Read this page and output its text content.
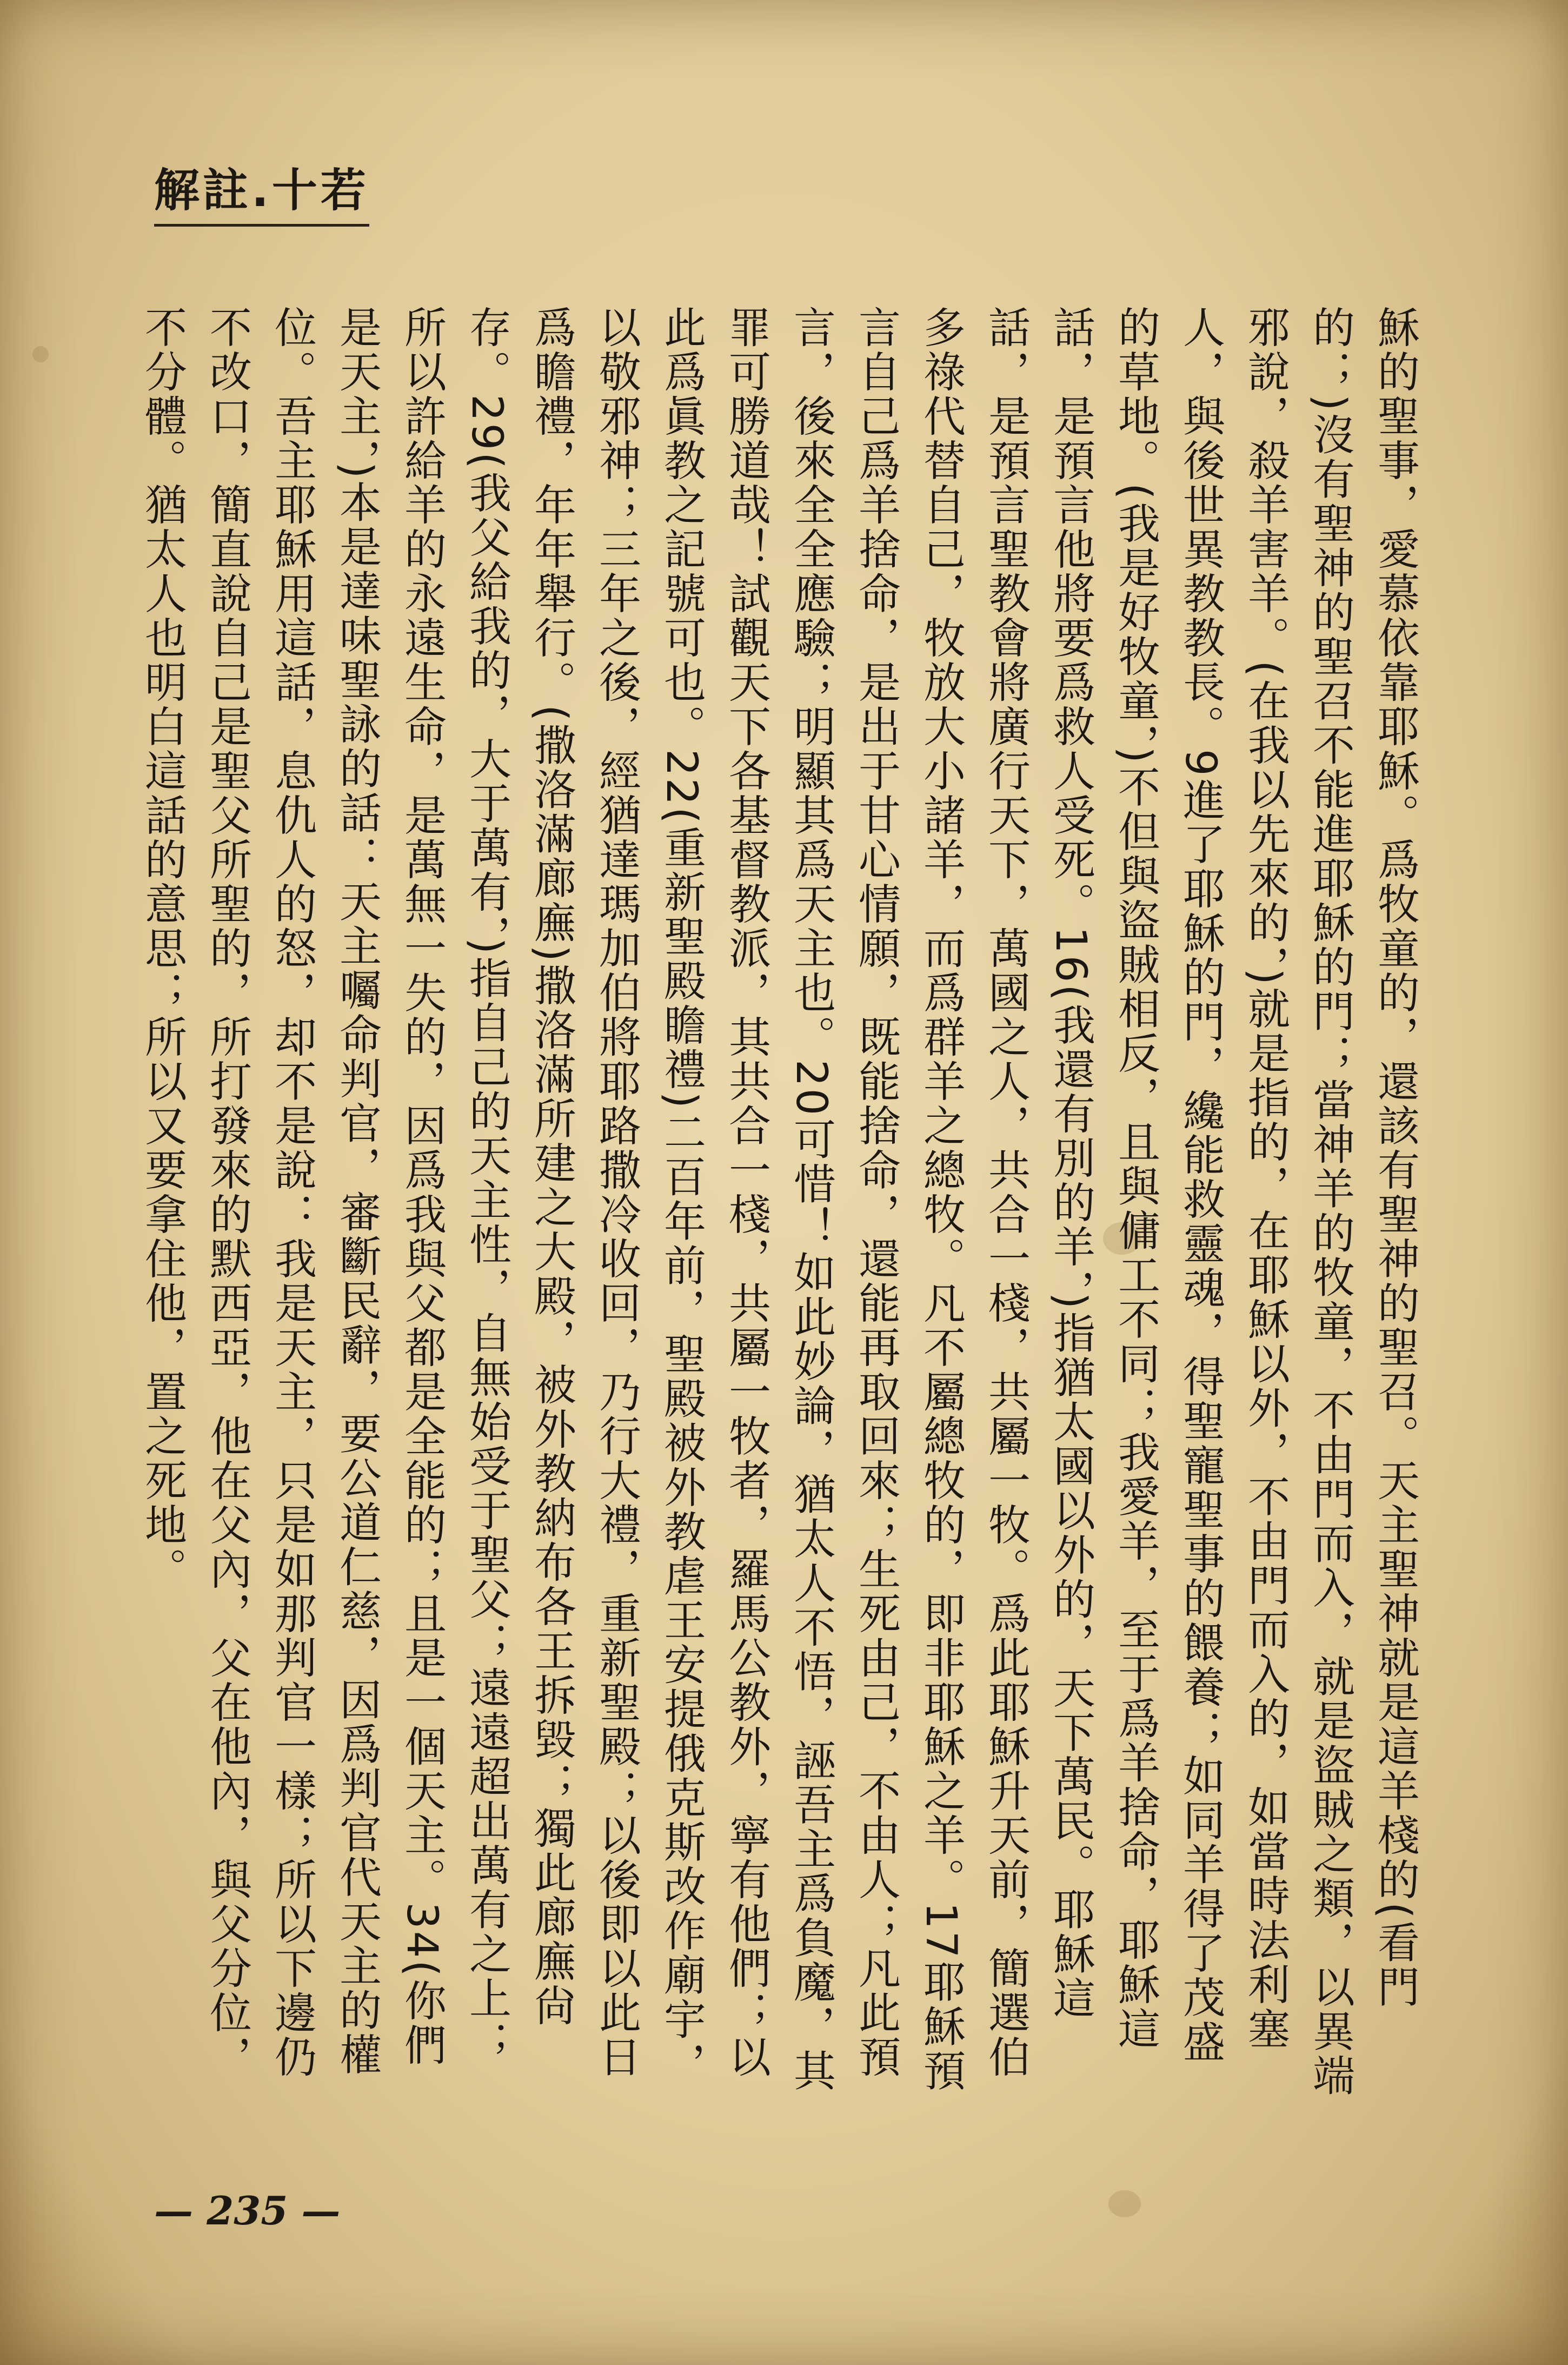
解註.十若

穌的聖事，愛慕依靠耶穌。爲牧童的，還該有聖神的聖召。天主聖神就是這羊棧的(看門的；)沒有聖神的聖召不能進耶穌的門；當神羊的牧童，不由門而入，就是盜賊之類，以異端邪說，殺羊害羊。(在我以先來的，)就是指的，在耶穌以外，不由門而入的，如當時法利塞人，與後世異教教長。9進了耶穌的門，纔能救靈魂，得聖寵聖事的餵養；如同羊得了茂盛的草地。(我是好牧童，)不但與盜賊相反，且與傭工不同；我愛羊，至于爲羊捨命，耶穌這話，是預言他將要爲救人受死。16(我還有別的羊，)指猶太國以外的，天下萬民。耶穌這話，是預言聖教會將廣行天下，萬國之人，共合一棧，共屬一牧。爲此耶穌升天前，簡選伯多祿代替自己，牧放大小諸羊，而爲群羊之總牧。凡不屬總牧的，即非耶穌之羊。17耶穌預言自己爲羊捨命，是出于甘心情願，既能捨命，還能再取回來；生死由己，不由人；凡此預言，後來全全應驗；明顯其爲天主也。20可惜！如此妙論，猶太人不悟，誣吾主爲負魔，其罪可勝道哉！試觀天下各基督教派，其共合一棧，共屬一牧者，羅馬公教外，寧有他們；以此爲眞教之記號可也。22(重新聖殿瞻禮)二百年前，聖殿被外教虐王安提俄克斯改作廟宇，以敬邪神；三年之後，經猶達瑪加伯將耶路撒冷收回，乃行大禮，重新聖殿；以後即以此日爲瞻禮，年年舉行。(撒洛滿廊廡)撒洛滿所建之大殿，被外教納布各王拆毀；獨此廊廡尙存。29(我父給我的，大于萬有，)指自己的天主性，自無始受于聖父；遠遠超出萬有之上；所以許給羊的永遠生命，是萬無一失的，因爲我與父都是全能的；且是一個天主。34(你們是天主，)本是達味聖詠的話：天主囑命判官，審斷民辭，要公道仁慈，因爲判官代天主的權位。吾主耶穌用這話，息仇人的怒，却不是說：我是天主，只是如那判官一樣；所以下邊仍不改口，簡直說自己是聖父所聖的，所打發來的默西亞，他在父內，父在他內，與父分位，不分體。猶太人也明白這話的意思；所以又要拿住他，置之死地。

— 235 —
